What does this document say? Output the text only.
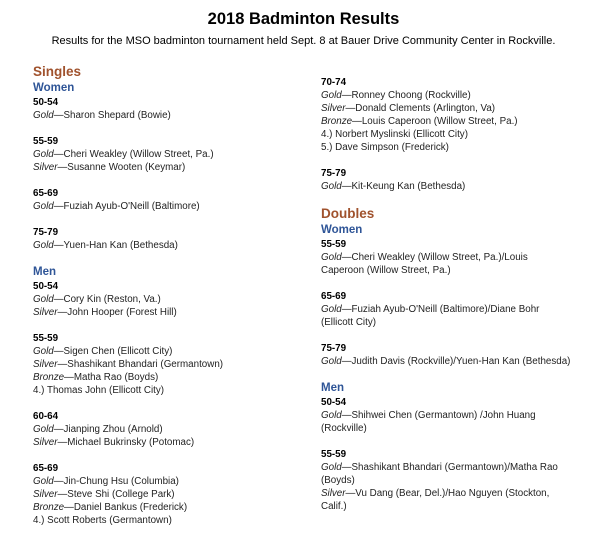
2018 Badminton Results
Results for the MSO badminton tournament held Sept. 8 at Bauer Drive Community Center in Rockville.
Singles
Women
50-54
Gold—Sharon Shepard (Bowie)
55-59
Gold—Cheri Weakley (Willow Street, Pa.)
Silver—Susanne Wooten (Keymar)
65-69
Gold—Fuziah Ayub-O'Neill (Baltimore)
75-79
Gold—Yuen-Han Kan (Bethesda)
Men
50-54
Gold—Cory Kin (Reston, Va.)
Silver—John Hooper (Forest Hill)
55-59
Gold—Sigen Chen (Ellicott City)
Silver—Shashikant Bhandari (Germantown)
Bronze—Matha Rao (Boyds)
4.) Thomas John (Ellicott City)
60-64
Gold—Jianping Zhou (Arnold)
Silver—Michael Bukrinsky (Potomac)
65-69
Gold—Jin-Chung Hsu (Columbia)
Silver—Steve Shi (College Park)
Bronze—Daniel Bankus (Frederick)
4.) Scott Roberts (Germantown)
70-74
Gold—Ronney Choong (Rockville)
Silver—Donald Clements (Arlington, Va)
Bronze—Louis Caperoon (Willow Street, Pa.)
4.) Norbert Myslinski (Ellicott City)
5.) Dave Simpson (Frederick)
75-79
Gold—Kit-Keung Kan (Bethesda)
Doubles
Women
55-59
Gold—Cheri Weakley (Willow Street, Pa.)/Louis
Caperoon (Willow Street, Pa.)
65-69
Gold—Fuziah Ayub-O'Neill (Baltimore)/Diane Bohr
(Ellicott City)
75-79
Gold—Judith Davis (Rockville)/Yuen-Han Kan (Bethesda)
Men
50-54
Gold—Shihwei Chen (Germantown) /John Huang
(Rockville)
55-59
Gold—Shashikant Bhandari (Germantown)/Matha Rao
(Boyds)
Silver—Vu Dang (Bear, Del.)/Hao Nguyen (Stockton,
Calif.)
